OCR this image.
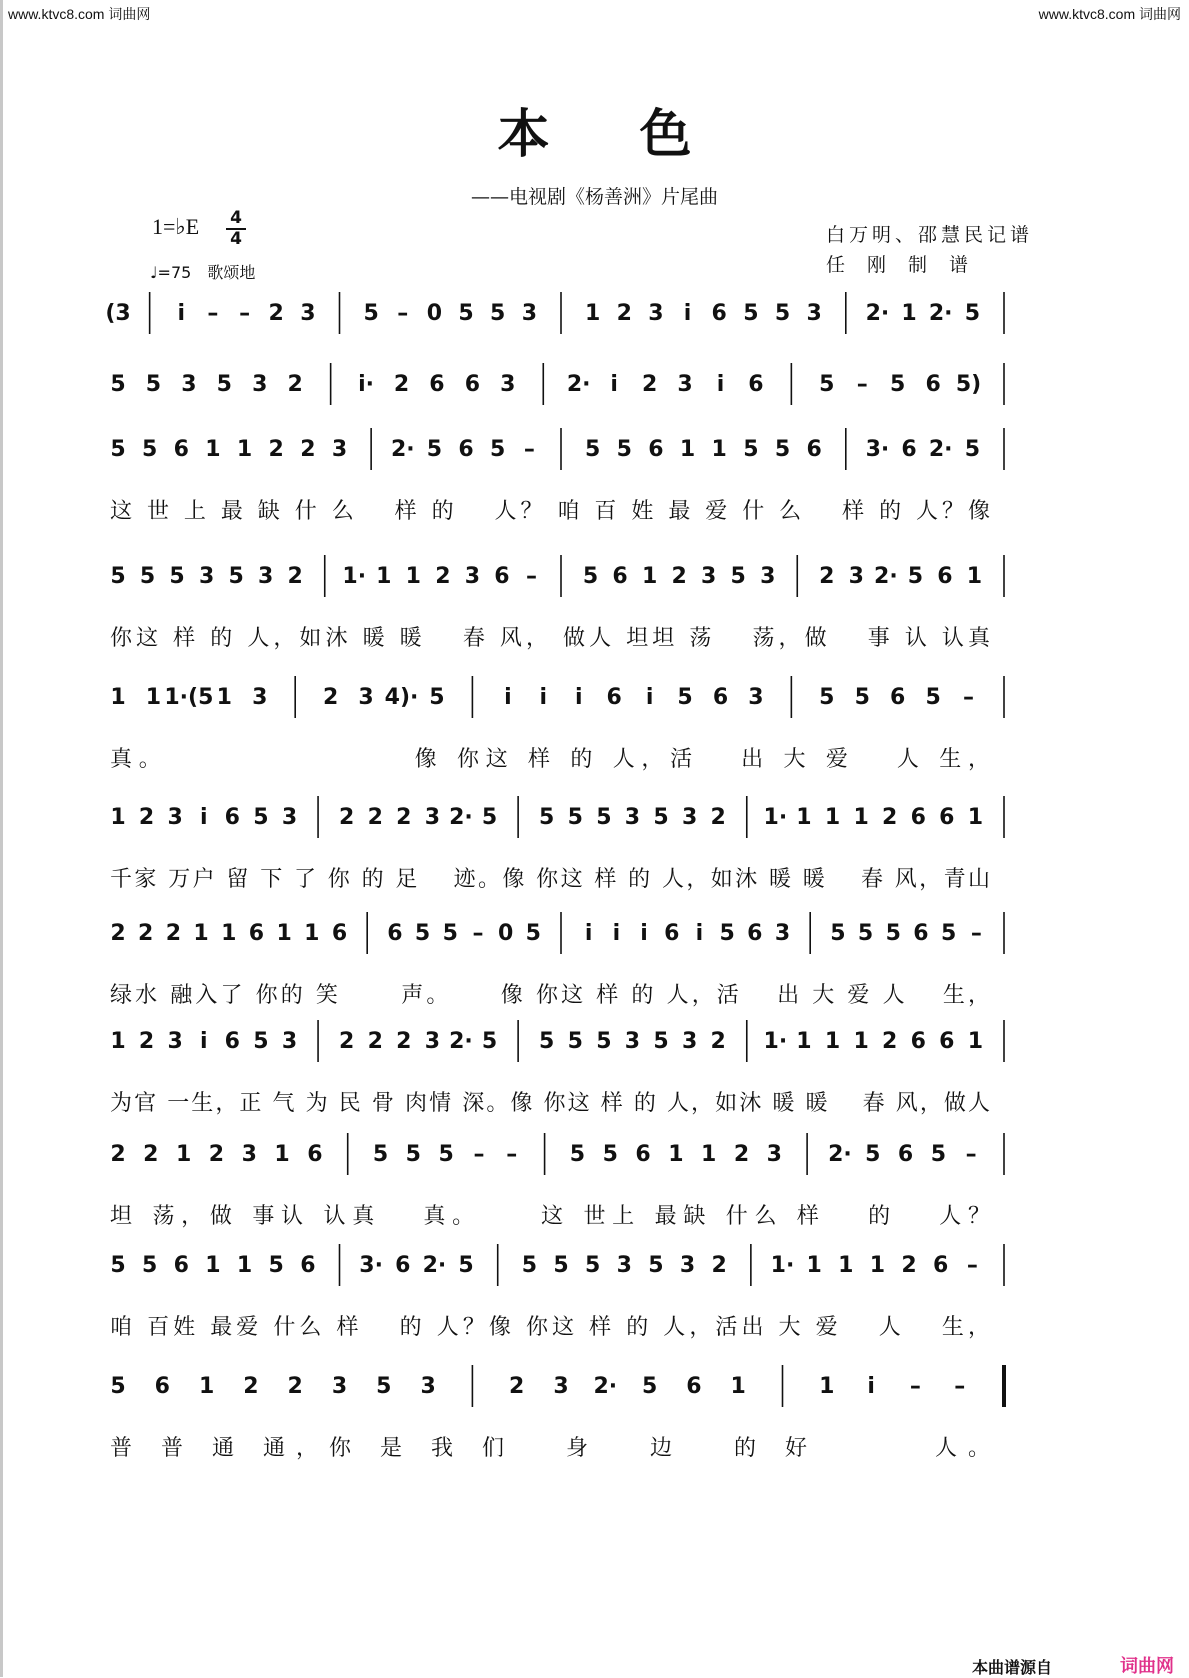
www.ktvc8.com 词曲网	www.ktvc8.com 词曲网
本色
——电视剧《杨善洲》片尾曲
1=♭E 4
4
♩=75　歌颂地
白万明、邵慧民记谱
任刚制谱
(3 i – – 2 3 5 – 0 5 5 3 1 2 3 i 6 5 5 3 2· 1 2· 5
5 5 3 5 3 2	i· 2 6 6 3 2· i 2 3 i 6	5 – 5 6 5)
5 5 6 1 1 2 2 3 2· 5 6 5 – 5 5 6 1 1 5 5 6 3· 6 2· 5
这 世 上 最 缺 什 么 　样 的 　人？ 咱 百 姓 最 爱 什 么 　样 的 人？像
5 5 5 3 5 3 2 1· 1 1 2 3 6 – 5 6 1 2 3 5 3 2 3 2· 5 6 1
你这 样 的 人，如沐 暖 暖 　春 风， 做人 坦坦 荡 　荡，做 　事 认 认真
1 1 1·(5 1 3	2 3 4)· 5	i i i 6 i 5 6 3	5 5 6 5 –
真。　　　　　　　　　像 你这 样 的 人，活 　出 大 爱 　人 生，
1 2 3 i 6 5 3 2 2 2 3 2· 5 5 5 5 3 5 3 2 1· 1 1 1 2 6 6 1
千家 万户 留 下 了 你 的 足 　迹。像 你这 样 的 人，如沐 暖 暖 　春 风，青山
2 2 2 1 1 6 1 1 6 6 5 5 – 0 5 i i i 6 i 5 6 3 5 5 5 6 5 –
绿水 融入了 你的 笑 　　声。　　 像 你这 样 的 人，活 　出 大 爱 人 　生，
1 2 3 i 6 5 3 2 2 2 3 2· 5 5 5 5 3 5 3 2 1· 1 1 1 2 6 6 1
为官 一生，正 气 为 民 骨 肉情 深。像 你这 样 的 人，如沐 暖 暖 　春 风，做人
2 2 1 2 3 1 6 5 5 5 – – 5 5 6 1 1 2 3 2· 5 6 5 –
坦 荡，做 事认 认真 　真。　　 这 世上 最缺 什么 样 　的 　人？
5 5 6 1 1 5 6 3· 6 2· 5 5 5 5 3 5 3 2 1· 1 1 1 2 6 –
咱 百姓 最爱 什么 样 　的 人？像 你这 样 的 人，活出 大 爱 　人 　生，
5 6 1 2 2 3 5 3	2 3 2· 5 6 1	1 i – –
普 普 通 通，你 是 我 们 　身 　边 　的 好 　　　人。
本曲谱源自	词曲网
